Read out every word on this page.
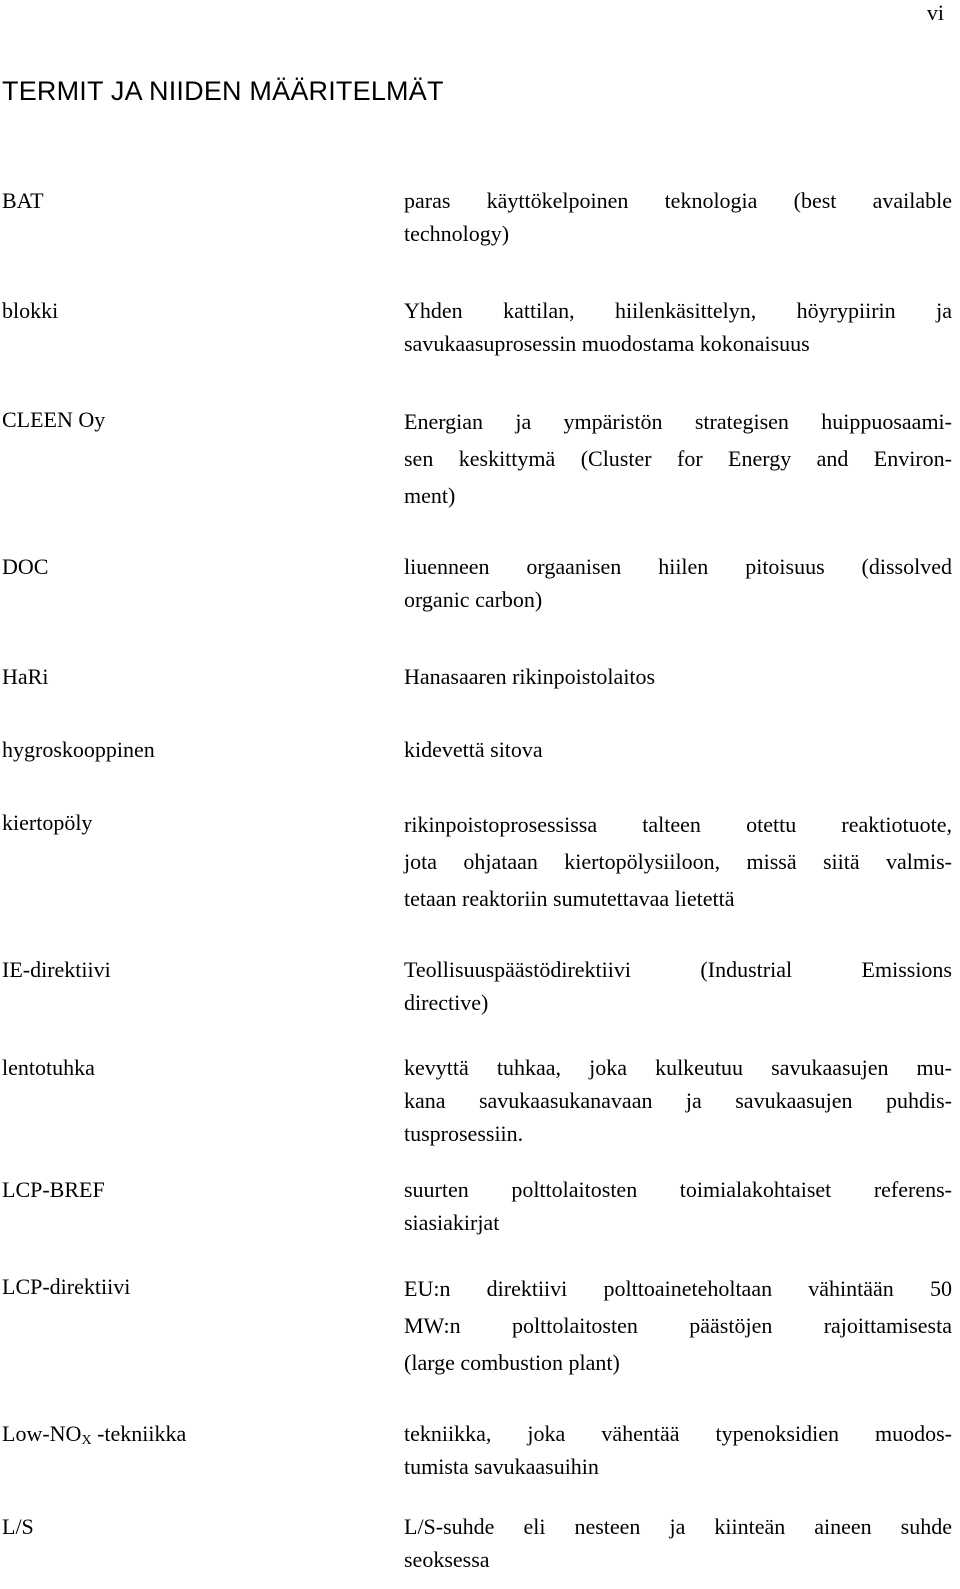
vi
TERMIT JA NIIDEN MÄÄRITELMÄT
BAT	paras käyttökelpoinen teknologia (best available
technology)
blokki	Yhden kattilan, hiilenkäsittelyn, höyrypiirin ja
savukaasuprosessin muodostama kokonaisuus
CLEEN Oy	Energian ja ympäristön strategisen huippuosaami-
sen keskittymä (Cluster for Energy and Environ-
ment)
DOC	liuenneen orgaanisen hiilen pitoisuus (dissolved
organic carbon)
HaRi	Hanasaaren rikinpoistolaitos
hygroskooppinen	kidevettä sitova
kiertopöly	rikinpoistoprosessissa talteen otettu reaktiotuote,
jota ohjataan kiertopölysiiloon, missä siitä valmis-
tetaan reaktoriin sumutettavaa lietettä
IE-direktiivi	Teollisuuspäästödirektiivi (Industrial Emissions
directive)
lentotuhka	kevyttä tuhkaa, joka kulkeutuu savukaasujen mu-
kana savukaasukanavaan ja savukaasujen puhdis-
tusprosessiin.
LCP-BREF	suurten polttolaitosten toimialakohtaiset referens-
siasiakirjat
LCP-direktiivi	EU:n direktiivi polttoaineteholtaan vähintään 50
MW:n polttolaitosten päästöjen rajoittamisesta
(large combustion plant)
Low-$NO_X$ -tekniikka	tekniikka, joka vähentää typenoksidien muodos-
tumista savukaasuihin
L/S	L/S-suhde eli nesteen ja kiinteän aineen suhde
seoksessa
